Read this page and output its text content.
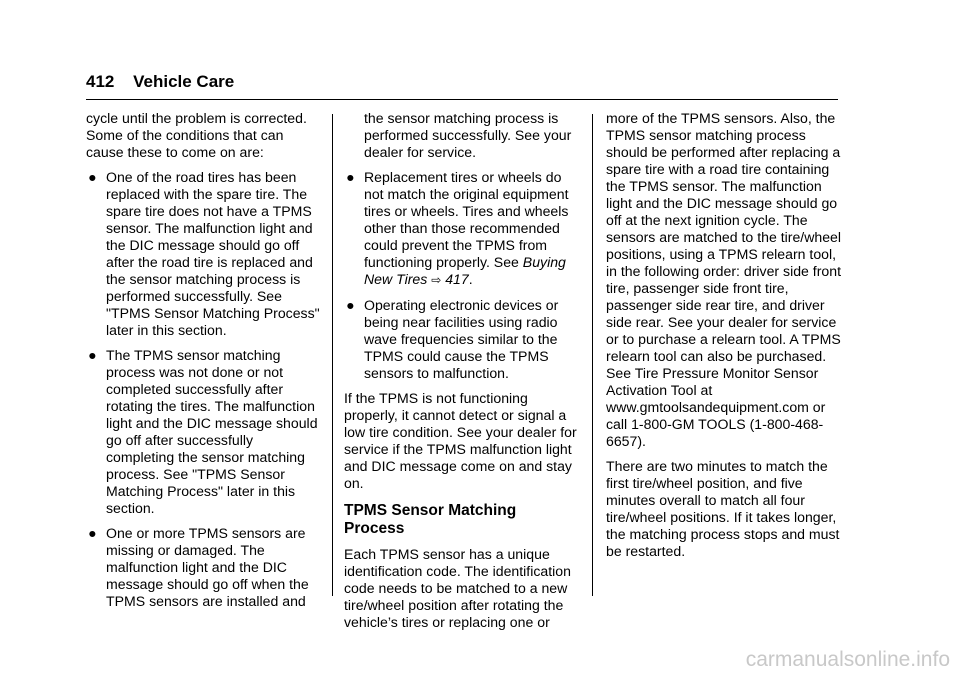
412 Vehicle Care

cycle until the problem is corrected. Some of the conditions that can cause these to come on are:

● One of the road tires has been replaced with the spare tire. The spare tire does not have a TPMS sensor. The malfunction light and the DIC message should go off after the road tire is replaced and the sensor matching process is performed successfully. See "TPMS Sensor Matching Process" later in this section.
● The TPMS sensor matching process was not done or not completed successfully after rotating the tires. The malfunction light and the DIC message should go off after successfully completing the sensor matching process. See "TPMS Sensor Matching Process" later in this section.
● One or more TPMS sensors are missing or damaged. The malfunction light and the DIC message should go off when the TPMS sensors are installed and

the sensor matching process is performed successfully. See your dealer for service.

● Replacement tires or wheels do not match the original equipment tires or wheels. Tires and wheels other than those recommended could prevent the TPMS from functioning properly. See Buying New Tires ⇨ 417.
● Operating electronic devices or being near facilities using radio wave frequencies similar to the TPMS could cause the TPMS sensors to malfunction.

If the TPMS is not functioning properly, it cannot detect or signal a low tire condition. See your dealer for service if the TPMS malfunction light and DIC message come on and stay on.

TPMS Sensor Matching Process

Each TPMS sensor has a unique identification code. The identification code needs to be matched to a new tire/wheel position after rotating the vehicle’s tires or replacing one or

more of the TPMS sensors. Also, the TPMS sensor matching process should be performed after replacing a spare tire with a road tire containing the TPMS sensor. The malfunction light and the DIC message should go off at the next ignition cycle. The sensors are matched to the tire/wheel positions, using a TPMS relearn tool, in the following order: driver side front tire, passenger side front tire, passenger side rear tire, and driver side rear. See your dealer for service or to purchase a relearn tool. A TPMS relearn tool can also be purchased. See Tire Pressure Monitor Sensor Activation Tool at www.gmtoolsandequipment.com or call 1-800-GM TOOLS (1-800-468-6657).

There are two minutes to match the first tire/wheel position, and five minutes overall to match all four tire/wheel positions. If it takes longer, the matching process stops and must be restarted.

carmanualsonline.info
